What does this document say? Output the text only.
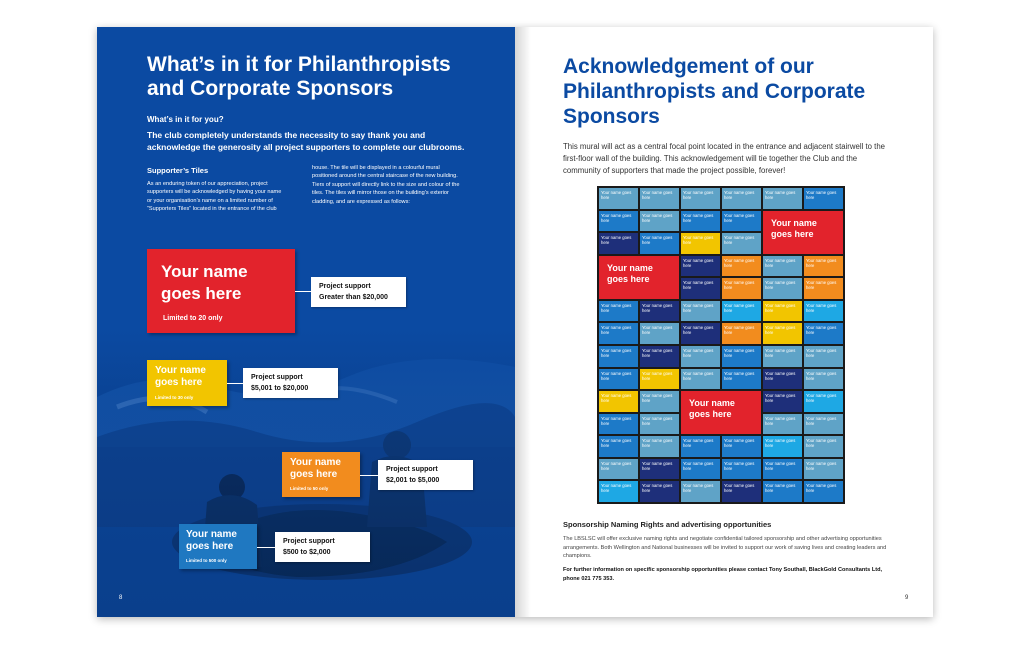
What’s in it for Philanthropists and Corporate Sponsors
What’s in it for you?
The club completely understands the necessity to say thank you and acknowledge the generosity all project supporters to complete our clubrooms.
Supporter’s Tiles
As an enduring token of our appreciation, project supporters will be acknowledged by having your name or your organisation’s name on a limited number of “Supporters Tiles” located in the entrance of the club
house. The tile will be displayed in a colourful mural positioned around the central staircase of the new building. Tiers of support will directly link to the size and colour of the tiles. The tiles will mirror those on the building’s exterior cladding, and are expressed as follows:
Your name goes here
Limited to 20 only
Project support
Greater than $20,000
Your name goes here
Limited to 30 only
Project support
$5,001 to $20,000
Your name goes here
Limited to 50 only
Project support
$2,001 to $5,000
Your name goes here
Limited to 500 only
Project support
$500 to $2,000
8
Acknowledgement of our Philanthropists and Corporate Sponsors
This mural will act as a central focal point located in the entrance and adjacent stairwell to the first-floor wall of the building. This acknowledgement will tie together the Club and the community of supporters that made the project possible, forever!
Your name goes here
Your name goes here
Your name goes here
Your name goes here
Your name goes here
Your name goes here
Your name goes here
Your name goes here
Your name goes here
Your name goes here
Your name goes here
Your name goes here
Your name goes here
Your name goes here
Your name goes here
Your name goes here
Your name goes here
Your name goes here
Your name goes here
Your name goes here
Your name goes here
Your name goes here
Your name goes here
Your name goes here
Your name goes here
Your name goes here
Your name goes here
Your name goes here
Your name goes here
Your name goes here
Your name goes here
Your name goes here
Your name goes here
Your name goes here
Your name goes here
Your name goes here
Your name goes here
Your name goes here
Your name goes here
Your name goes here
Your name goes here
Your name goes here
Your name goes here
Your name goes here
Your name goes here
Your name goes here
Your name goes here
Your name goes here
Your name goes here
Your name goes here
Your name goes here
Your name goes here
Your name goes here
Your name goes here
Your name goes here
Your name goes here
Your name goes here
Your name goes here
Your name goes here
Your name goes here
Your name goes here
Your name goes here
Your name goes here
Your name goes here
Your name goes here
Your name goes here
Your name goes here
Your name goes here
Your name goes here
Your name goes here
Your name goes here
Your name goes here
Your name goes here
Your name goes here
Your name goes here
Sponsorship Naming Rights and advertising opportunities
The LBSLSC will offer exclusive naming rights and negotiate confidential tailored sponsorship and other advertising opportunities arrangements. Both Wellington and National businesses will be invited to support our work of saving lives and creating leaders and champions.
For further information on specific sponsorship opportunities please contact Tony Southall, BlackGold Consultants Ltd, phone 021 775 353.
9
